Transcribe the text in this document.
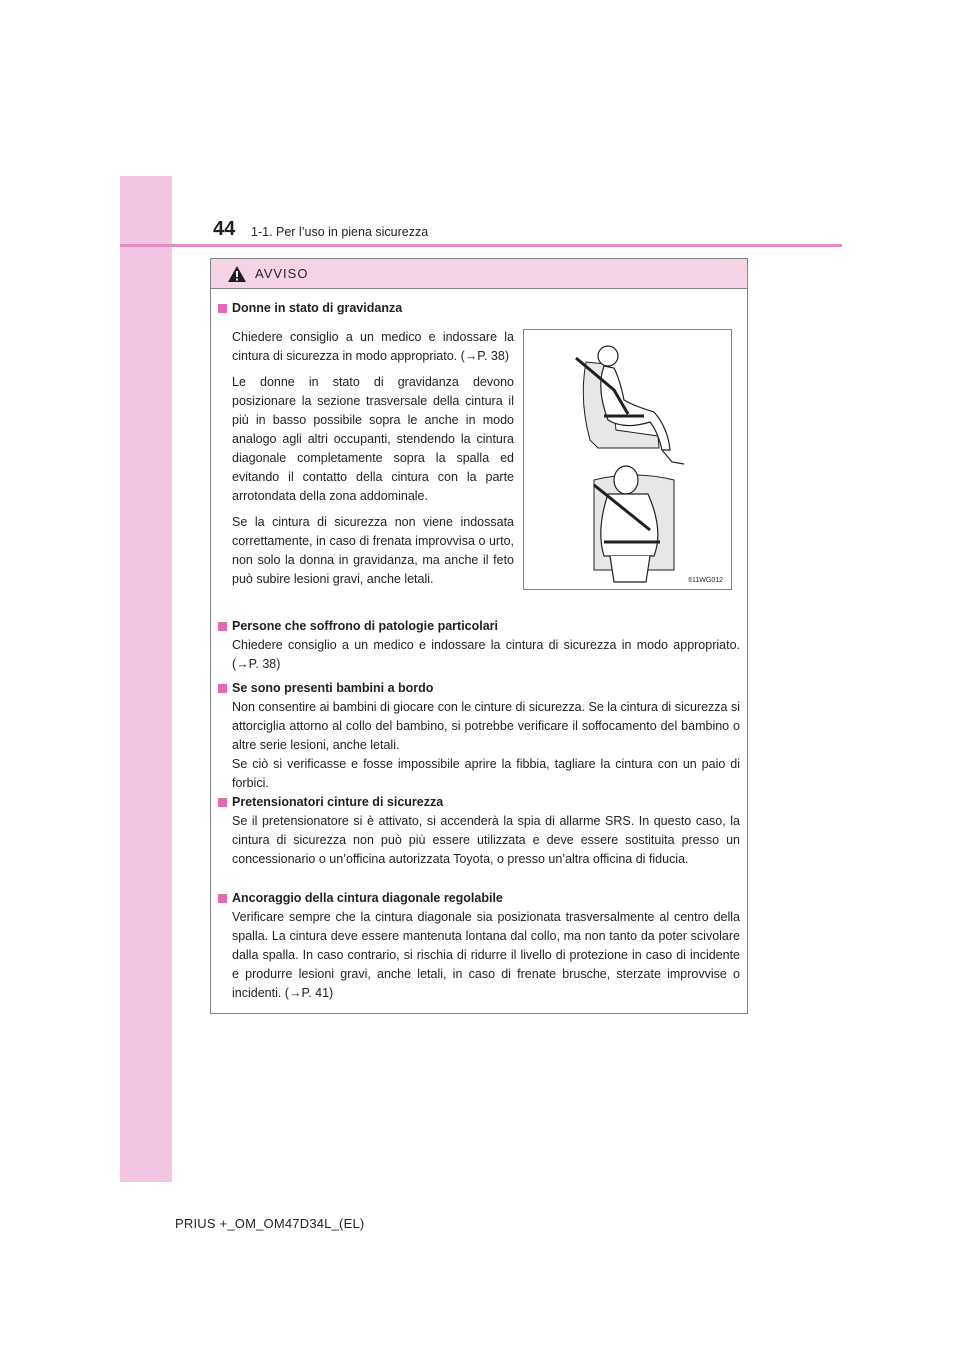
44 1-1. Per l’uso in piena sicurezza
AVVISO
Donne in stato di gravidanza

Chiedere consiglio a un medico e indossare la cintura di sicurezza in modo appropriato. (→P. 38)

Le donne in stato di gravidanza devono posizionare la sezione trasversale della cintura il più in basso possibile sopra le anche in modo analogo agli altri occupanti, stendendo la cintura diagonale completamente sopra la spalla ed evitando il contatto della cintura con la parte arrotondata della zona addominale.

Se la cintura di sicurezza non viene indossata correttamente, in caso di frenata improvvisa o urto, non solo la donna in gravidanza, ma anche il feto può subire lesioni gravi, anche letali.	II11WG012
Persone che soffrono di patologie particolari

Chiedere consiglio a un medico e indossare la cintura di sicurezza in modo appropriato. (→P. 38)

Se sono presenti bambini a bordo

Non consentire ai bambini di giocare con le cinture di sicurezza. Se la cintura di sicurezza si attorciglia attorno al collo del bambino, si potrebbe verificare il soffocamento del bambino o altre serie lesioni, anche letali.

Se ciò si verificasse e fosse impossibile aprire la fibbia, tagliare la cintura con un paio di forbici.

Pretensionatori cinture di sicurezza

Se il pretensionatore si è attivato, si accenderà la spia di allarme SRS. In questo caso, la cintura di sicurezza non può più essere utilizzata e deve essere sostituita presso un concessionario o un’officina autorizzata Toyota, o presso un’altra officina di fiducia.

Ancoraggio della cintura diagonale regolabile

Verificare sempre che la cintura diagonale sia posizionata trasversalmente al centro della spalla. La cintura deve essere mantenuta lontana dal collo, ma non tanto da poter scivolare dalla spalla. In caso contrario, si rischia di ridurre il livello di protezione in caso di incidente e produrre lesioni gravi, anche letali, in caso di frenate brusche, sterzate improvvise o incidenti. (→P. 41)

PRIUS +_OM_OM47D34L_(EL)
